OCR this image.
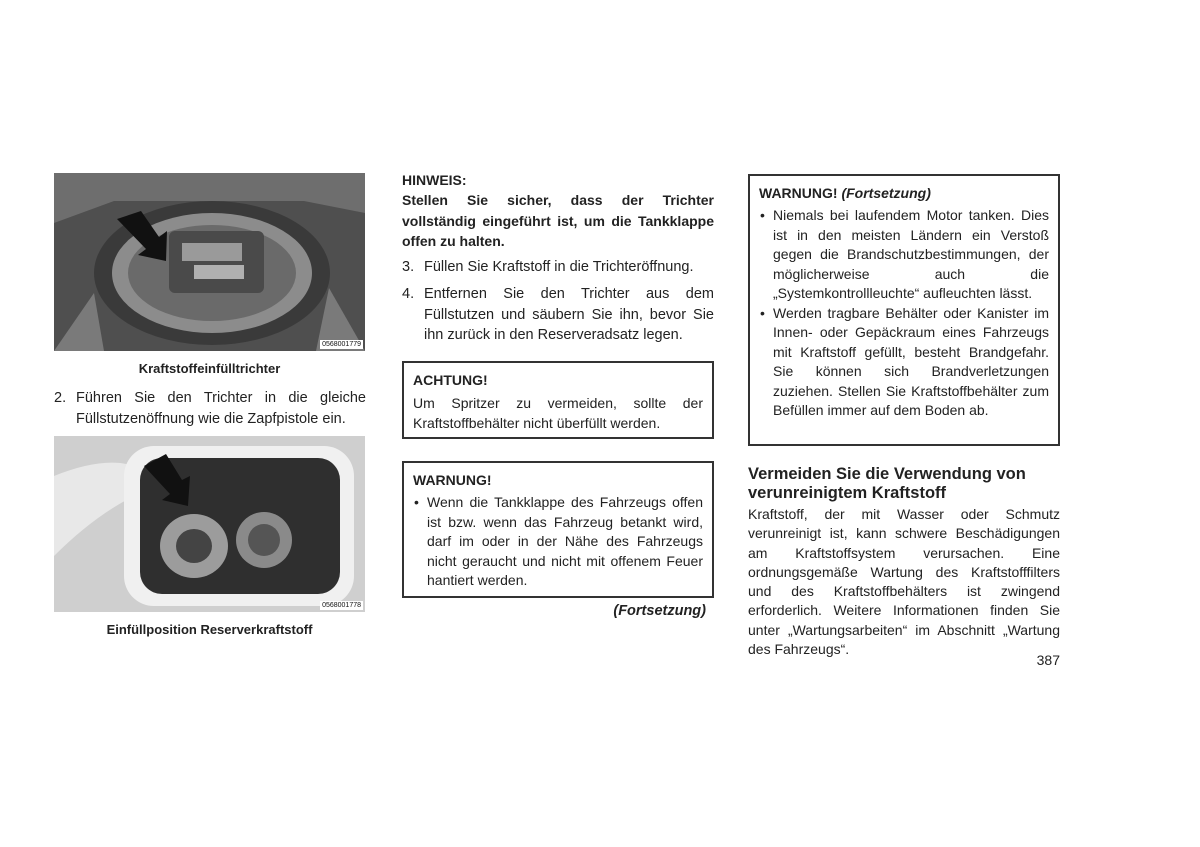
0568001779
Kraftstoffeinfülltrichter
2. Führen Sie den Trichter in die gleiche Füllstutzenöffnung wie die Zapfpistole ein.
0568001778
Einfüllposition Reserverkraftstoff
HINWEIS:
Stellen Sie sicher, dass der Trichter vollständig eingeführt ist, um die Tankklappe offen zu halten.
3. Füllen Sie Kraftstoff in die Trichteröffnung.
4. Entfernen Sie den Trichter aus dem Füllstutzen und säubern Sie ihn, bevor Sie ihn zurück in den Reserveradsatz legen.
ACHTUNG!
Um Spritzer zu vermeiden, sollte der Kraftstoffbehälter nicht überfüllt werden.
WARNUNG!
• Wenn die Tankklappe des Fahrzeugs offen ist bzw. wenn das Fahrzeug betankt wird, darf im oder in der Nähe des Fahrzeugs nicht geraucht und nicht mit offenem Feuer hantiert werden.
(Fortsetzung)
WARNUNG! (Fortsetzung)
• Niemals bei laufendem Motor tanken. Dies ist in den meisten Ländern ein Verstoß gegen die Brandschutzbestimmungen, der möglicherweise auch die „Systemkontrollleuchte“ aufleuchten lässt.
• Werden tragbare Behälter oder Kanister im Innen- oder Gepäckraum eines Fahrzeugs mit Kraftstoff gefüllt, besteht Brandgefahr. Sie können sich Brandverletzungen zuziehen. Stellen Sie Kraftstoffbehälter zum Befüllen immer auf dem Boden ab.
Vermeiden Sie die Verwendung von
verunreinigtem Kraftstoff
Kraftstoff, der mit Wasser oder Schmutz verunreinigt ist, kann schwere Beschädigungen am Kraftstoffsystem verursachen. Eine ordnungsgemäße Wartung des Kraftstofffilters und des Kraftstoffbehälters ist zwingend erforderlich. Weitere Informationen finden Sie unter „Wartungsarbeiten“ im Abschnitt „Wartung des Fahrzeugs“.
387
